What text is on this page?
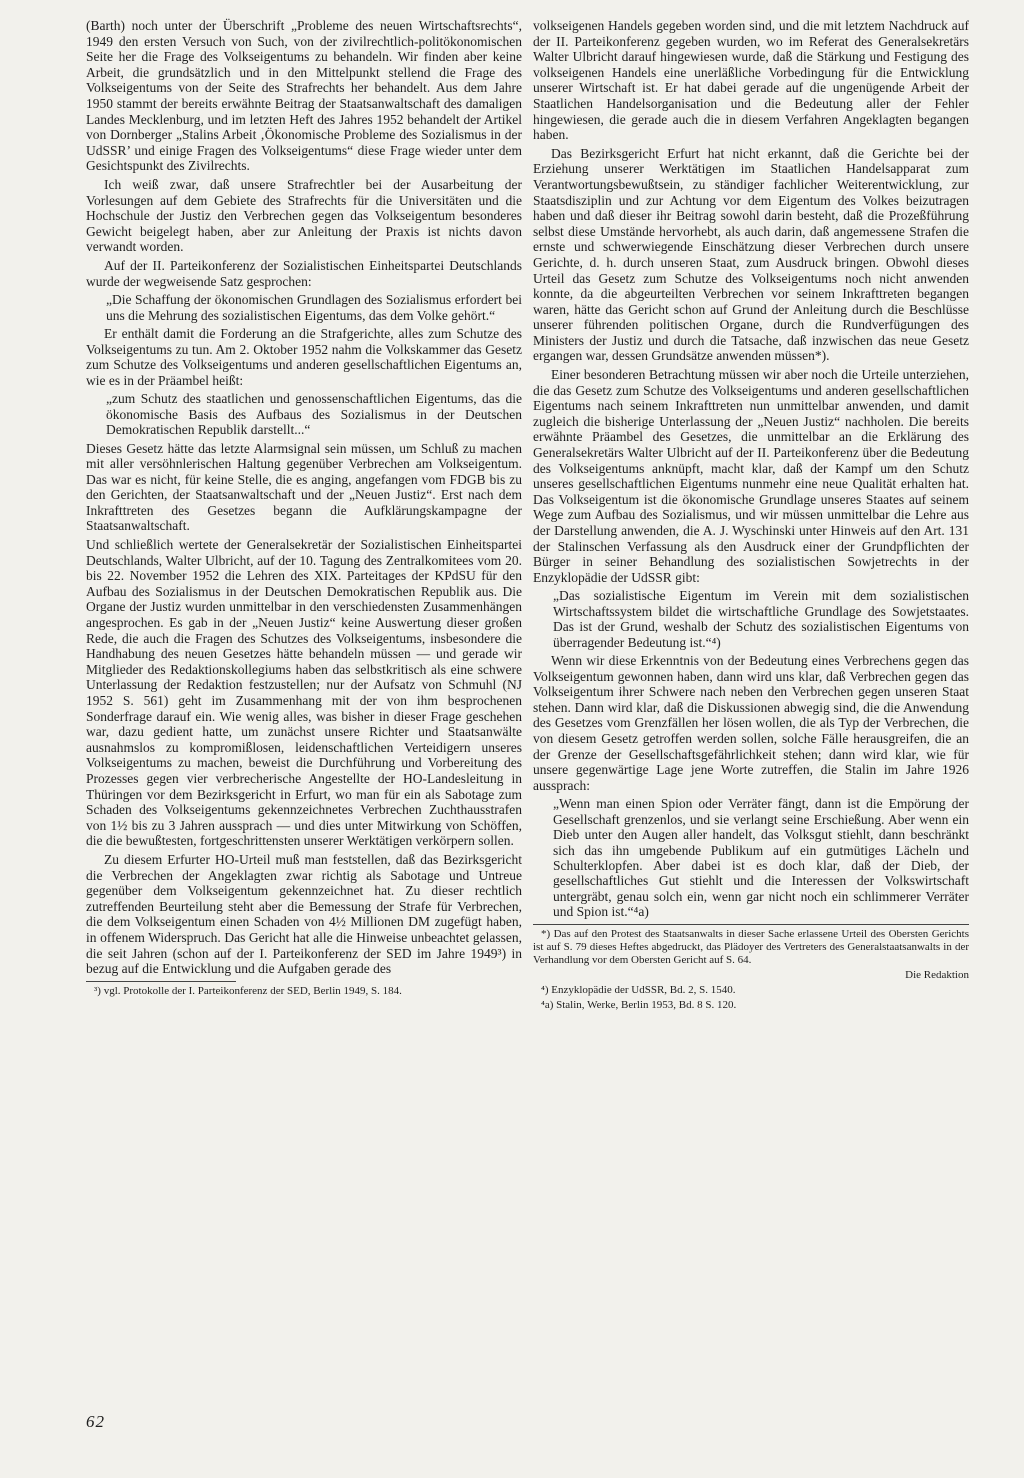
(Barth) noch unter der Überschrift „Probleme des neuen Wirtschaftsrechts“, 1949 den ersten Versuch von Such, von der zivilrechtlich-politökonomischen Seite her die Frage des Volkseigentums zu behandeln. Wir finden aber keine Arbeit, die grundsätzlich und in den Mittelpunkt stellend die Frage des Volkseigentums von der Seite des Strafrechts her behandelt. Aus dem Jahre 1950 stammt der bereits erwähnte Beitrag der Staatsanwaltschaft des damaligen Landes Mecklenburg, und im letzten Heft des Jahres 1952 behandelt der Artikel von Dornberger „Stalins Arbeit ‚Ökonomische Probleme des Sozialismus in der UdSSR’ und einige Fragen des Volkseigentums“ diese Frage wieder unter dem Gesichtspunkt des Zivilrechts.

Ich weiß zwar, daß unsere Strafrechtler bei der Ausarbeitung der Vorlesungen auf dem Gebiete des Strafrechts für die Universitäten und die Hochschule der Justiz den Verbrechen gegen das Volkseigentum besonderes Gewicht beigelegt haben, aber zur Anleitung der Praxis ist nichts davon verwandt worden.

Auf der II. Parteikonferenz der Sozialistischen Einheitspartei Deutschlands wurde der wegweisende Satz gesprochen:

„Die Schaffung der ökonomischen Grundlagen des Sozialismus erfordert bei uns die Mehrung des sozialistischen Eigentums, das dem Volke gehört.“

Er enthält damit die Forderung an die Strafgerichte, alles zum Schutze des Volkseigentums zu tun. Am 2. Oktober 1952 nahm die Volkskammer das Gesetz zum Schutze des Volkseigentums und anderen gesellschaftlichen Eigentums an, wie es in der Präambel heißt:

„zum Schutz des staatlichen und genossenschaftlichen Eigentums, das die ökonomische Basis des Aufbaus des Sozialismus in der Deutschen Demokratischen Republik darstellt...“

Dieses Gesetz hätte das letzte Alarmsignal sein müssen, um Schluß zu machen mit aller versöhnlerischen Haltung gegenüber Verbrechen am Volkseigentum. Das war es nicht, für keine Stelle, die es anging, angefangen vom FDGB bis zu den Gerichten, der Staatsanwaltschaft und der „Neuen Justiz“. Erst nach dem Inkrafttreten des Gesetzes begann die Aufklärungskampagne der Staatsanwaltschaft.

Und schließlich wertete der Generalsekretär der Sozialistischen Einheitspartei Deutschlands, Walter Ulbricht, auf der 10. Tagung des Zentralkomitees vom 20. bis 22. November 1952 die Lehren des XIX. Parteitages der KPdSU für den Aufbau des Sozialismus in der Deutschen Demokratischen Republik aus. Die Organe der Justiz wurden unmittelbar in den verschiedensten Zusammenhängen angesprochen. Es gab in der „Neuen Justiz“ keine Auswertung dieser großen Rede, die auch die Fragen des Schutzes des Volkseigentums, insbesondere die Handhabung des neuen Gesetzes hätte behandeln müssen — und gerade wir Mitglieder des Redaktionskollegiums haben das selbstkritisch als eine schwere Unterlassung der Redaktion festzustellen; nur der Aufsatz von Schmuhl (NJ 1952 S. 561) geht im Zusammenhang mit der von ihm besprochenen Sonderfrage darauf ein. Wie wenig alles, was bisher in dieser Frage geschehen war, dazu gedient hatte, um zunächst unsere Richter und Staatsanwälte ausnahmslos zu kompromißlosen, leidenschaftlichen Verteidigern unseres Volkseigentums zu machen, beweist die Durchführung und Vorbereitung des Prozesses gegen vier verbrecherische Angestellte der HO-Landesleitung in Thüringen vor dem Bezirksgericht in Erfurt, wo man für ein als Sabotage zum Schaden des Volkseigentums gekennzeichnetes Verbrechen Zuchthausstrafen von 1½ bis zu 3 Jahren aussprach — und dies unter Mitwirkung von Schöffen, die die bewußtesten, fortgeschrittensten unserer Werktätigen verkörpern sollen.

Zu diesem Erfurter HO-Urteil muß man feststellen, daß das Bezirksgericht die Verbrechen der Angeklagten zwar richtig als Sabotage und Untreue gegenüber dem Volkseigentum gekennzeichnet hat. Zu dieser rechtlich zutreffenden Beurteilung steht aber die Bemessung der Strafe für Verbrechen, die dem Volkseigentum einen Schaden von 4½ Millionen DM zugefügt haben, in offenem Widerspruch. Das Gericht hat alle die Hinweise unbeachtet gelassen, die seit Jahren (schon auf der I. Parteikonferenz der SED im Jahre 1949³) in bezug auf die Entwicklung und die Aufgaben gerade des

³) vgl. Protokolle der I. Parteikonferenz der SED, Berlin 1949, S. 184.

volkseigenen Handels gegeben worden sind, und die mit letztem Nachdruck auf der II. Parteikonferenz gegeben wurden, wo im Referat des Generalsekretärs Walter Ulbricht darauf hingewiesen wurde, daß die Stärkung und Festigung des volkseigenen Handels eine unerläßliche Vorbedingung für die Entwicklung unserer Wirtschaft ist. Er hat dabei gerade auf die ungenügende Arbeit der Staatlichen Handelsorganisation und die Bedeutung aller der Fehler hingewiesen, die gerade auch die in diesem Verfahren Angeklagten begangen haben.

Das Bezirksgericht Erfurt hat nicht erkannt, daß die Gerichte bei der Erziehung unserer Werktätigen im Staatlichen Handelsapparat zum Verantwortungsbewußtsein, zu ständiger fachlicher Weiterentwicklung, zur Staatsdisziplin und zur Achtung vor dem Eigentum des Volkes beizutragen haben und daß dieser ihr Beitrag sowohl darin besteht, daß die Prozeßführung selbst diese Umstände hervorhebt, als auch darin, daß angemessene Strafen die ernste und schwerwiegende Einschätzung dieser Verbrechen durch unsere Gerichte, d. h. durch unseren Staat, zum Ausdruck bringen. Obwohl dieses Urteil das Gesetz zum Schutze des Volkseigentums noch nicht anwenden konnte, da die abgeurteilten Verbrechen vor seinem Inkrafttreten begangen waren, hätte das Gericht schon auf Grund der Anleitung durch die Beschlüsse unserer führenden politischen Organe, durch die Rundverfügungen des Ministers der Justiz und durch die Tatsache, daß inzwischen das neue Gesetz ergangen war, dessen Grundsätze anwenden müssen*).

Einer besonderen Betrachtung müssen wir aber noch die Urteile unterziehen, die das Gesetz zum Schutze des Volkseigentums und anderen gesellschaftlichen Eigentums nach seinem Inkrafttreten nun unmittelbar anwenden, und damit zugleich die bisherige Unterlassung der „Neuen Justiz“ nachholen. Die bereits erwähnte Präambel des Gesetzes, die unmittelbar an die Erklärung des Generalsekretärs Walter Ulbricht auf der II. Parteikonferenz über die Bedeutung des Volkseigentums anknüpft, macht klar, daß der Kampf um den Schutz unseres gesellschaftlichen Eigentums nunmehr eine neue Qualität erhalten hat. Das Volkseigentum ist die ökonomische Grundlage unseres Staates auf seinem Wege zum Aufbau des Sozialismus, und wir müssen unmittelbar die Lehre aus der Darstellung anwenden, die A. J. Wyschinski unter Hinweis auf den Art. 131 der Stalinschen Verfassung als den Ausdruck einer der Grundpflichten der Bürger in seiner Behandlung des sozialistischen Sowjetrechts in der Enzyklopädie der UdSSR gibt:

„Das sozialistische Eigentum im Verein mit dem sozialistischen Wirtschaftssystem bildet die wirtschaftliche Grundlage des Sowjetstaates. Das ist der Grund, weshalb der Schutz des sozialistischen Eigentums von überragender Bedeutung ist.“⁴)

Wenn wir diese Erkenntnis von der Bedeutung eines Verbrechens gegen das Volkseigentum gewonnen haben, dann wird uns klar, daß Verbrechen gegen das Volkseigentum ihrer Schwere nach neben den Verbrechen gegen unseren Staat stehen. Dann wird klar, daß die Diskussionen abwegig sind, die die Anwendung des Gesetzes vom Grenzfällen her lösen wollen, die als Typ der Verbrechen, die von diesem Gesetz getroffen werden sollen, solche Fälle herausgreifen, die an der Grenze der Gesellschaftsgefährlichkeit stehen; dann wird klar, wie für unsere gegenwärtige Lage jene Worte zutreffen, die Stalin im Jahre 1926 aussprach:

„Wenn man einen Spion oder Verräter fängt, dann ist die Empörung der Gesellschaft grenzenlos, und sie verlangt seine Erschießung. Aber wenn ein Dieb unter den Augen aller handelt, das Volksgut stiehlt, dann beschränkt sich das ihn umgebende Publikum auf ein gutmütiges Lächeln und Schulterklopfen. Aber dabei ist es doch klar, daß der Dieb, der gesellschaftliches Gut stiehlt und die Interessen der Volkswirtschaft untergräbt, genau solch ein, wenn gar nicht noch ein schlimmerer Verräter und Spion ist.“⁴a)
*) Das auf den Protest des Staatsanwalts in dieser Sache erlassene Urteil des Obersten Gerichts ist auf S. 79 dieses Heftes abgedruckt, das Plädoyer des Vertreters des Generalstaatsanwalts in der Verhandlung vor dem Obersten Gericht auf S. 64.
Die Redaktion
⁴) Enzyklopädie der UdSSR, Bd. 2, S. 1540.
⁴a) Stalin, Werke, Berlin 1953, Bd. 8 S. 120.
62
